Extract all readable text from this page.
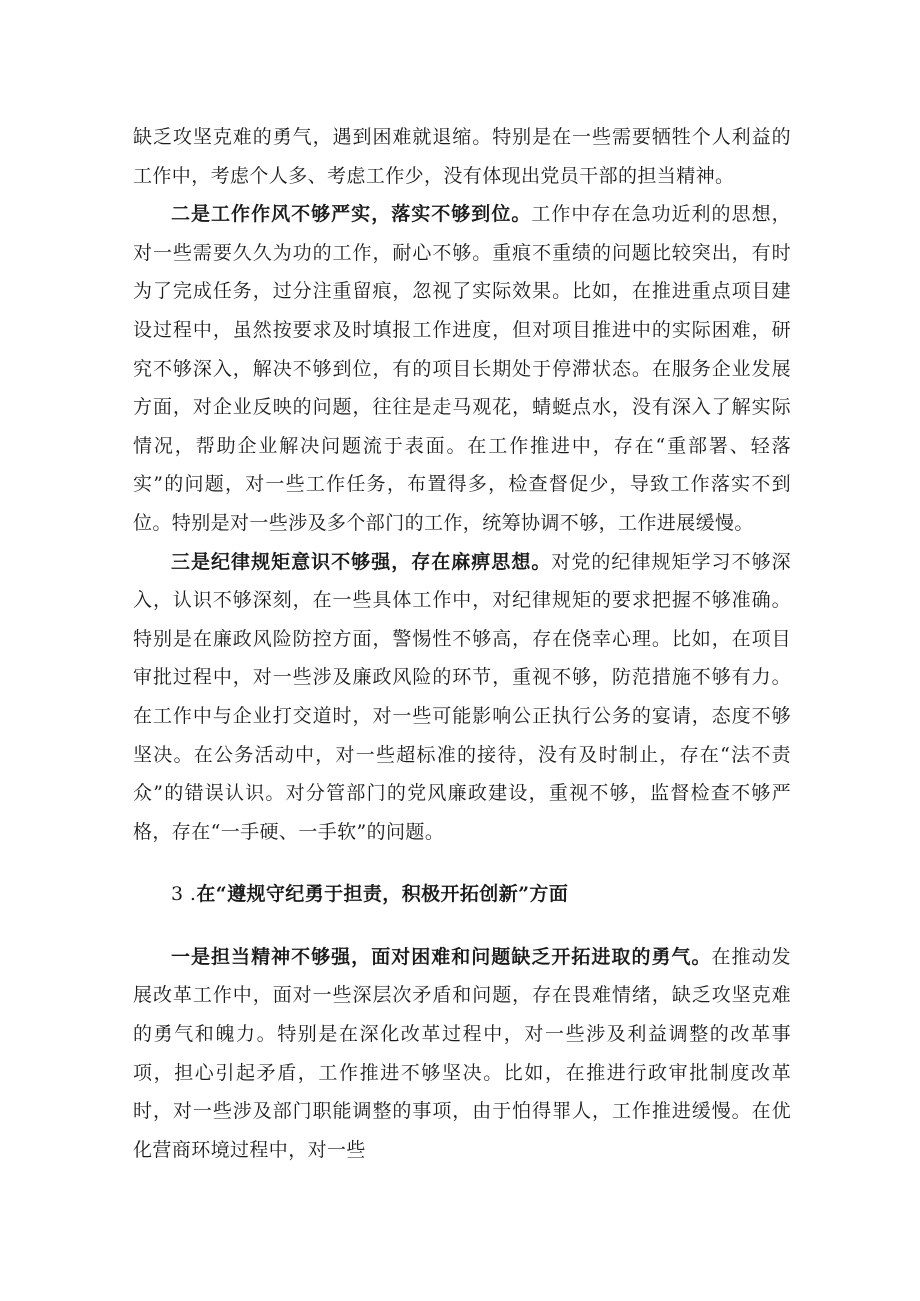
缺乏攻坚克难的勇气，遇到困难就退缩。特别是在一些需要牺牲个人利益的工作中，考虑个人多、考虑工作少，没有体现出党员干部的担当精神。

二是工作作风不够严实，落实不够到位。工作中存在急功近利的思想，对一些需要久久为功的工作，耐心不够。重痕不重绩的问题比较突出，有时为了完成任务，过分注重留痕，忽视了实际效果。比如，在推进重点项目建设过程中，虽然按要求及时填报工作进度，但对项目推进中的实际困难，研究不够深入，解决不够到位，有的项目长期处于停滞状态。在服务企业发展方面，对企业反映的问题，往往是走马观花，蜻蜓点水，没有深入了解实际情况，帮助企业解决问题流于表面。在工作推进中，存在“重部署、轻落实”的问题，对一些工作任务，布置得多，检查督促少，导致工作落实不到位。特别是对一些涉及多个部门的工作，统筹协调不够，工作进展缓慢。

三是纪律规矩意识不够强，存在麻痹思想。对党的纪律规矩学习不够深入，认识不够深刻，在一些具体工作中，对纪律规矩的要求把握不够准确。特别是在廉政风险防控方面，警惕性不够高，存在侥幸心理。比如，在项目审批过程中，对一些涉及廉政风险的环节，重视不够，防范措施不够有力。在工作中与企业打交道时，对一些可能影响公正执行公务的宴请，态度不够坚决。在公务活动中，对一些超标准的接待，没有及时制止，存在“法不责众”的错误认识。对分管部门的党风廉政建设，重视不够，监督检查不够严格，存在“一手硬、一手软”的问题。

3 .在“遵规守纪勇于担责，积极开拓创新”方面

一是担当精神不够强，面对困难和问题缺乏开拓进取的勇气。在推动发展改革工作中，面对一些深层次矛盾和问题，存在畏难情绪，缺乏攻坚克难的勇气和魄力。特别是在深化改革过程中，对一些涉及利益调整的改革事项，担心引起矛盾，工作推进不够坚决。比如，在推进行政审批制度改革时，对一些涉及部门职能调整的事项，由于怕得罪人，工作推进缓慢。在优化营商环境过程中，对一些
